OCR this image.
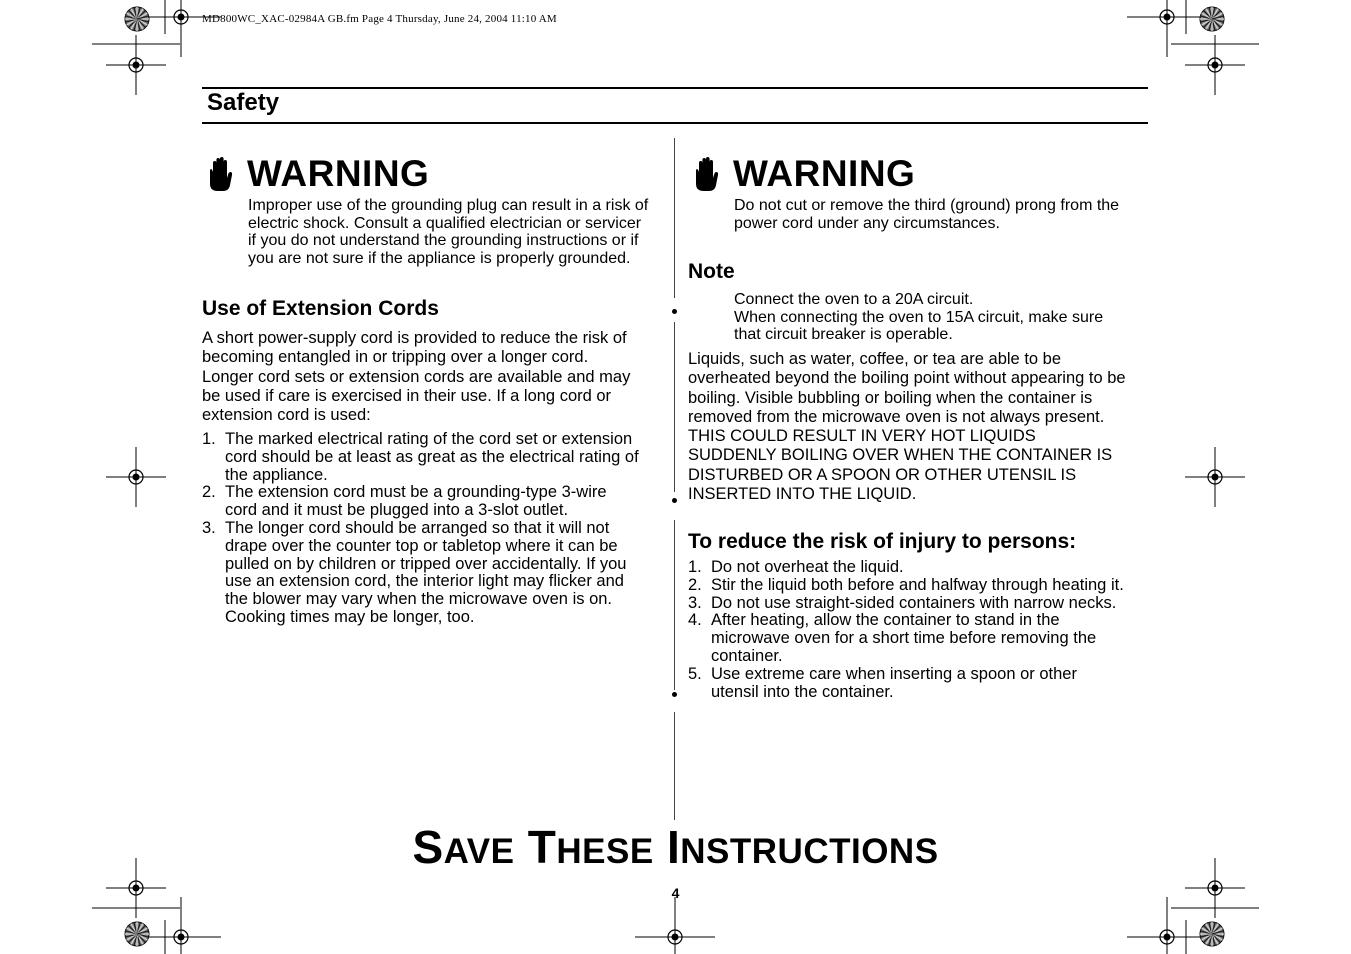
MD800WC_XAC-02984A GB.fm Page 4 Thursday, June 24, 2004 11:10 AM
Safety
WARNING

Improper use of the grounding plug can result in a risk of

electric shock. Consult a qualified electrician or servicer

if you do not understand the grounding instructions or if

you are not sure if the appliance is properly grounded.

Use of Extension Cords
A short power-supply cord is provided to reduce the risk of
becoming entangled in or tripping over a longer cord.
Longer cord sets or extension cords are available and may
be used if care is exercised in their use. If a long cord or
extension cord is used:
1. The marked electrical rating of the cord set or extension
cord should be at least as great as the electrical rating of
the appliance.
2. The extension cord must be a grounding-type 3-wire
cord and it must be plugged into a 3-slot outlet.
3. The longer cord should be arranged so that it will not
drape over the counter top or tabletop where it can be
pulled on by children or tripped over accidentally. If you
use an extension cord, the interior light may flicker and
the blower may vary when the microwave oven is on.
Cooking times may be longer, too.
WARNING

Do not cut or remove the third (ground) prong from the

power cord under any circumstances.

Note

Connect the oven to a 20A circuit.

When connecting the oven to 15A circuit, make sure

that circuit breaker is operable.

Liquids, such as water, coffee, or tea are able to be
overheated beyond the boiling point without appearing to be
boiling. Visible bubbling or boiling when the container is
removed from the microwave oven is not always present.
THIS COULD RESULT IN VERY HOT LIQUIDS
SUDDENLY BOILING OVER WHEN THE CONTAINER IS
DISTURBED OR A SPOON OR OTHER UTENSIL IS
INSERTED INTO THE LIQUID.
To reduce the risk of injury to persons:
1. Do not overheat the liquid.
2. Stir the liquid both before and halfway through heating it.
3. Do not use straight-sided containers with narrow necks.
4. After heating, allow the container to stand in the
microwave oven for a short time before removing the
container.
5. Use extreme care when inserting a spoon or other
utensil into the container.
SAVE THESE INSTRUCTIONS
4
